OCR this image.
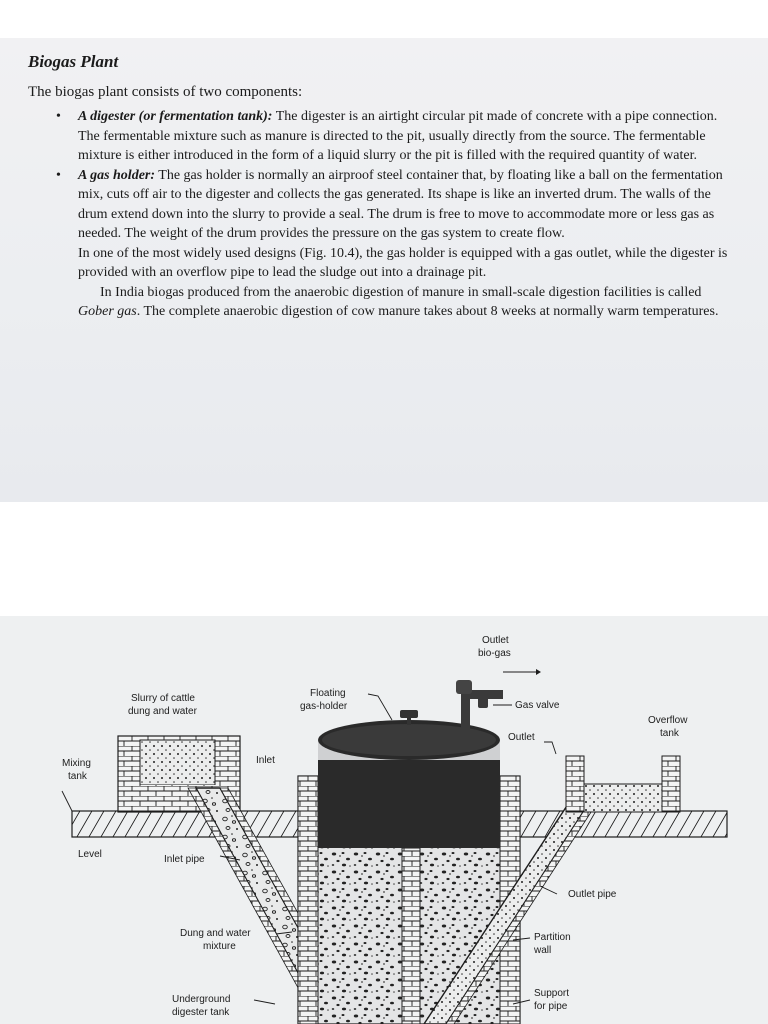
Biogas Plant

The biogas plant consists of two components:

• A digester (or fermentation tank): The digester is an airtight circular pit made of concrete with a pipe connection. The fermentable mixture such as manure is directed to the pit, usually directly from the source. The fermentable mixture is either introduced in the form of a liquid slurry or the pit is filled with the required quantity of water.
• A gas holder: The gas holder is normally an airproof steel container that, by floating like a ball on the fermentation mix, cuts off air to the digester and collects the gas generated. Its shape is like an inverted drum. The walls of the drum extend down into the slurry to provide a seal. The drum is free to move to accommodate more or less gas as needed. The weight of the drum provides the pressure on the gas system to create flow.

In one of the most widely used designs (Fig. 10.4), the gas holder is equipped with a gas outlet, while the digester is provided with an overflow pipe to lead the sludge out into a drainage pit.

In India biogas produced from the anaerobic digestion of manure in small-scale digestion facilities is called Gober gas. The complete anaerobic digestion of cow manure takes about 8 weeks at normally warm temperatures.

Outlet
bio-gas
Slurry of cattle
dung and water
Floating
gas-holder	Gas valve
Overflow
tank
Outlet
Mixing
tank
Inlet
Level	Inlet pipe
Outlet pipe
Dung and water
mixture
Partition
wall
Underground
digester tank
Support
for pipe
